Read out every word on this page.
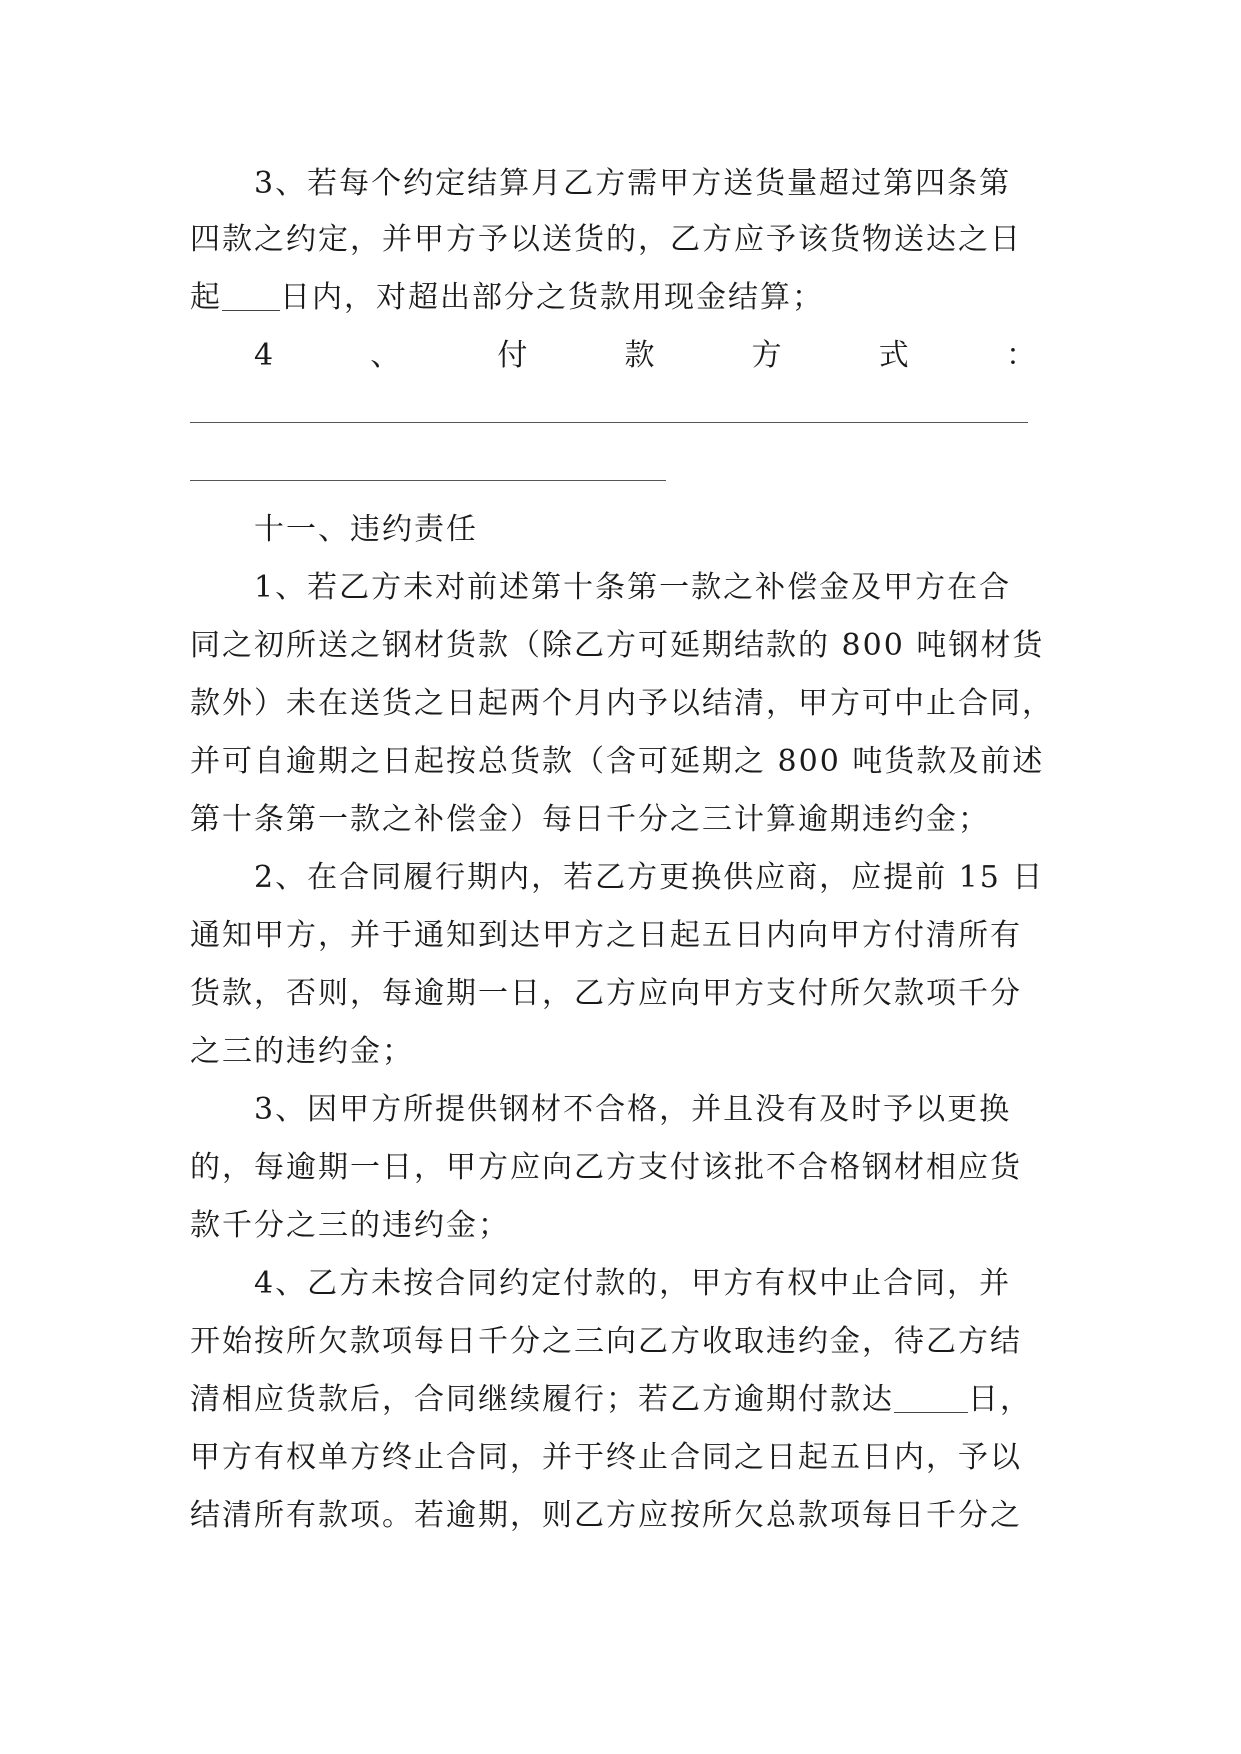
　　3、若每个约定结算月乙方需甲方送货量超过第四条第
四款之约定，并甲方予以送货的，乙方应予该货物送达之日
起 日内，对超出部分之货款用现金结算；
4	、	付	款	方	式	：
　　十一、违约责任
　　1、若乙方未对前述第十条第一款之补偿金及甲方在合
同之初所送之钢材货款（除乙方可延期结款的 800 吨钢材货
款外）未在送货之日起两个月内予以结清，甲方可中止合同，
并可自逾期之日起按总货款（含可延期之 800 吨货款及前述
第十条第一款之补偿金）每日千分之三计算逾期违约金；
　　2、在合同履行期内，若乙方更换供应商，应提前 15 日
通知甲方，并于通知到达甲方之日起五日内向甲方付清所有
货款，否则，每逾期一日，乙方应向甲方支付所欠款项千分
之三的违约金；
　　3、因甲方所提供钢材不合格，并且没有及时予以更换
的，每逾期一日，甲方应向乙方支付该批不合格钢材相应货
款千分之三的违约金；
　　4、乙方未按合同约定付款的，甲方有权中止合同，并
开始按所欠款项每日千分之三向乙方收取违约金，待乙方结
清相应货款后，合同继续履行；若乙方逾期付款达 日，
甲方有权单方终止合同，并于终止合同之日起五日内，予以
结清所有款项。若逾期，则乙方应按所欠总款项每日千分之
